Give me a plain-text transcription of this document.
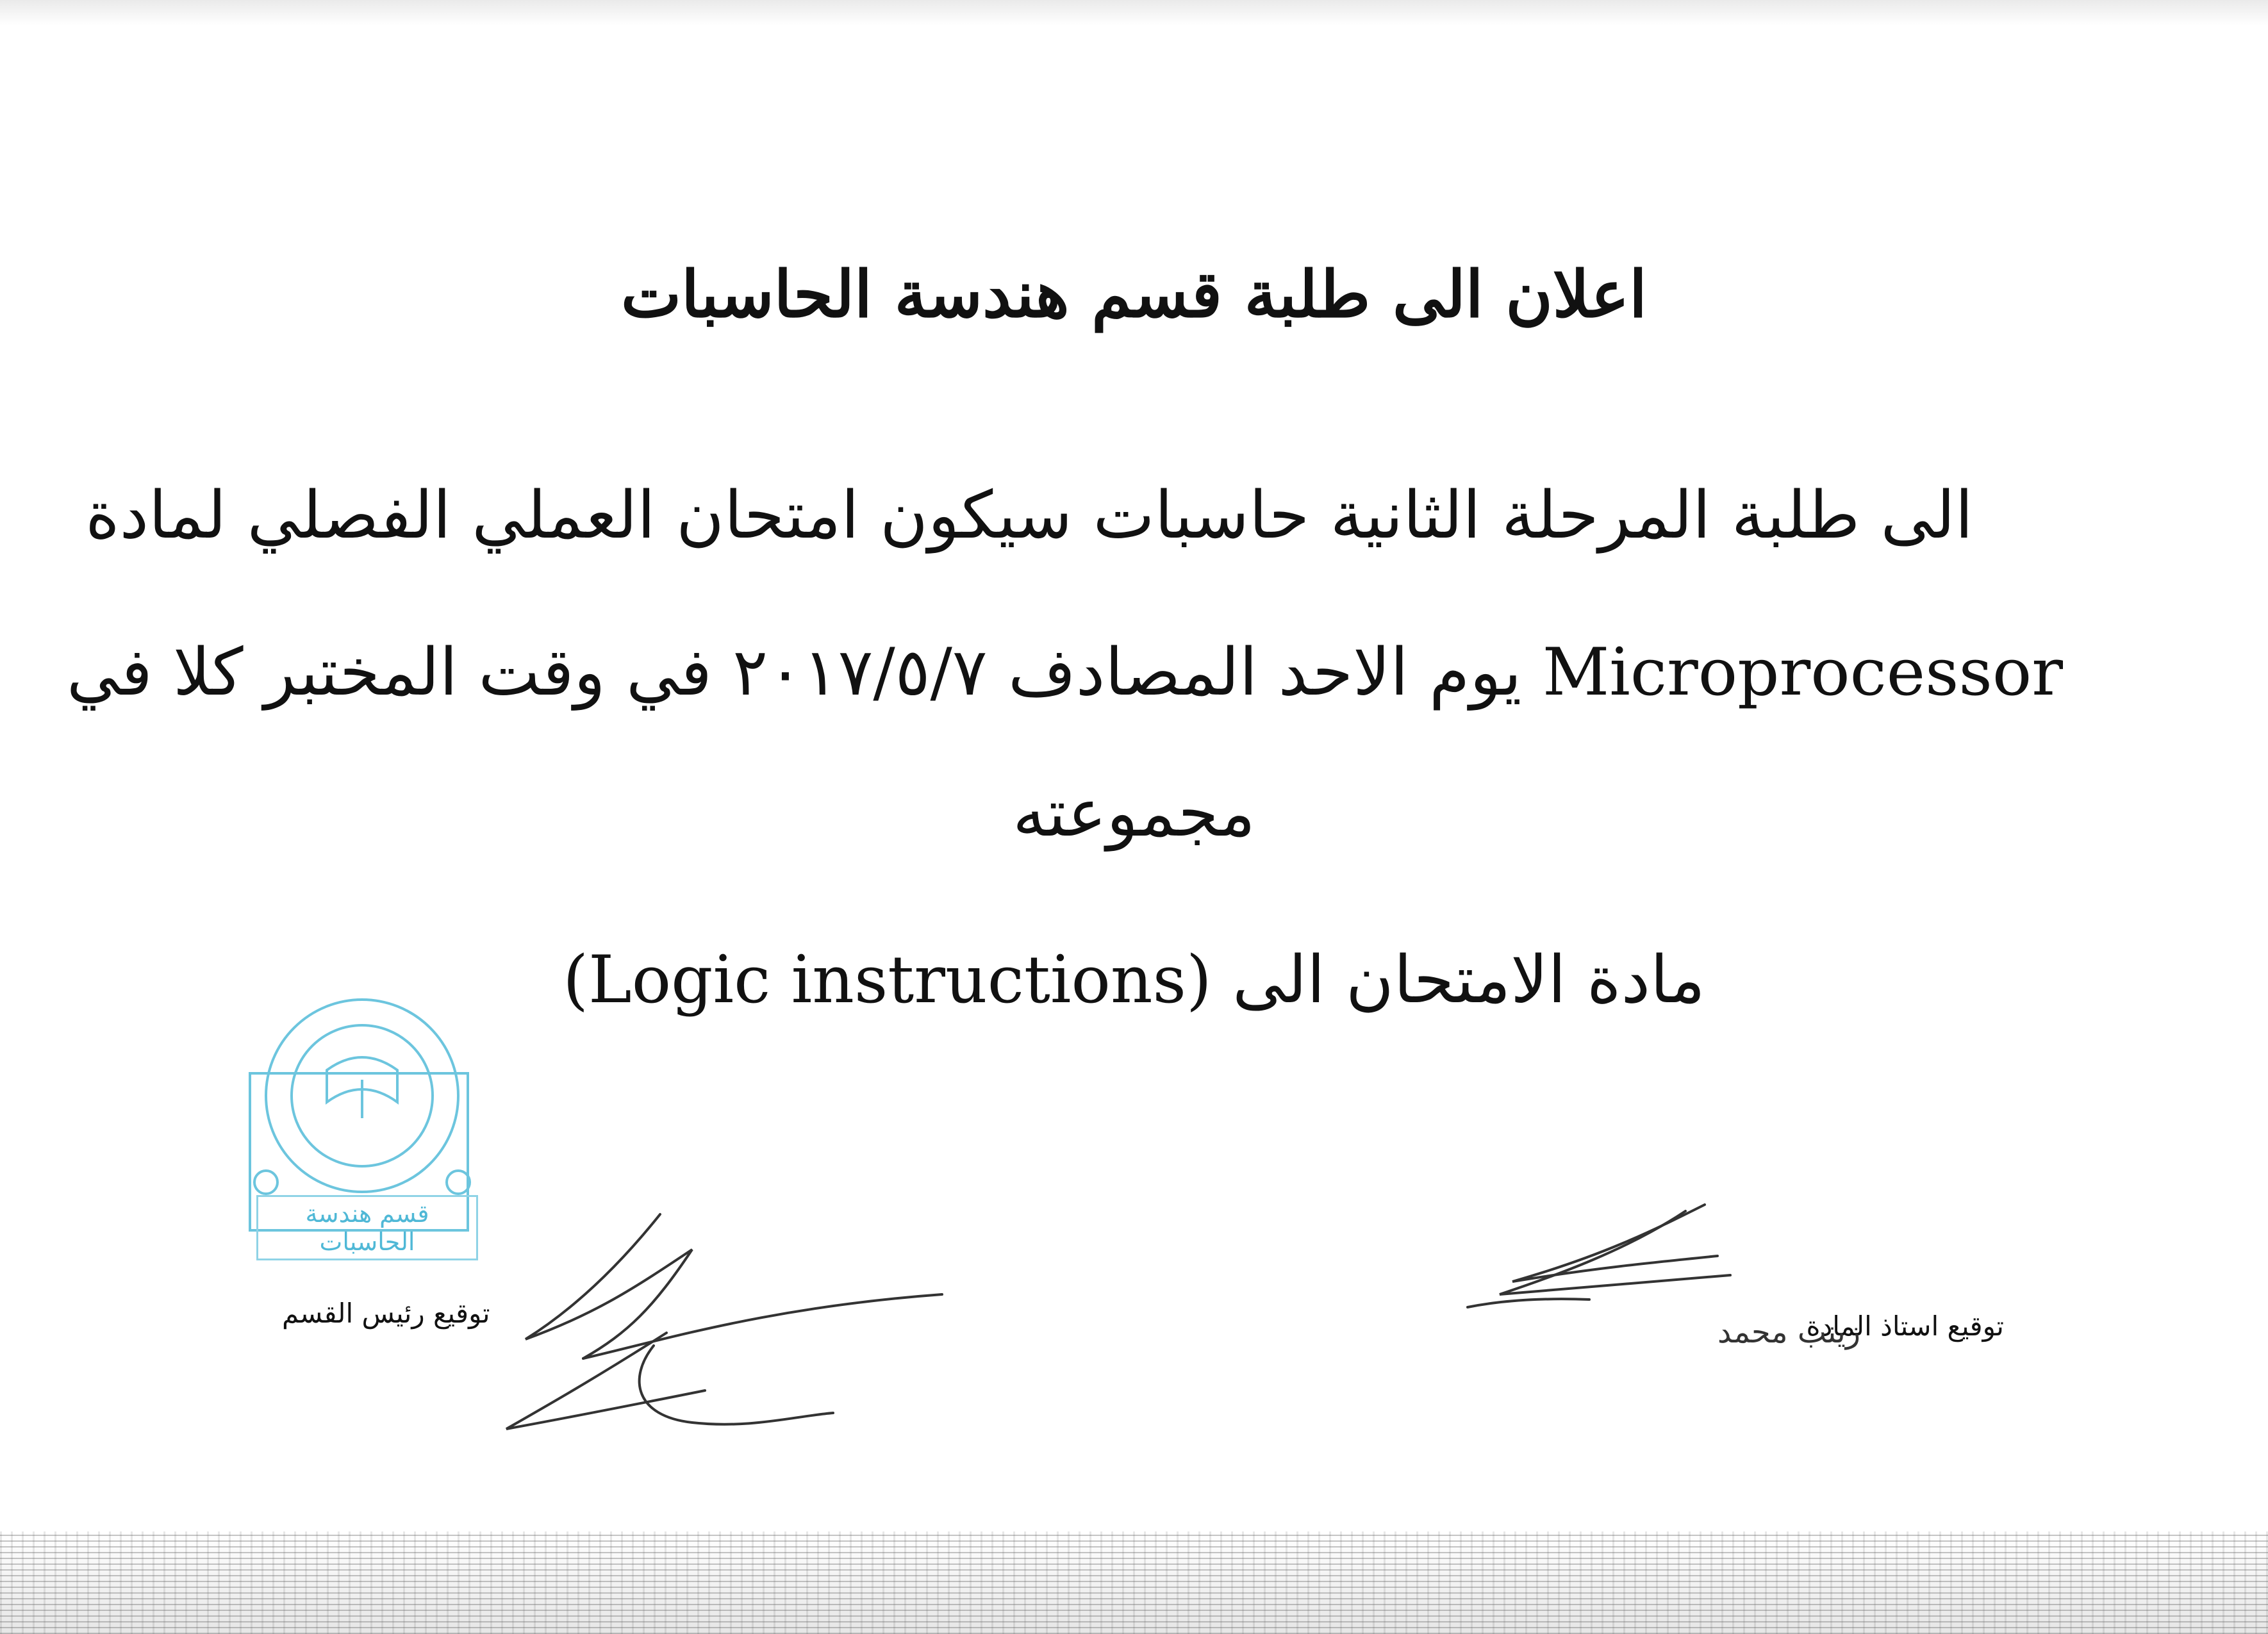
اعلان الى طلبة قسم هندسة الحاسبات
الى طلبة المرحلة الثانية حاسبات سيكون امتحان العملي الفصلي لمادة
Microprocessor يوم الاحد المصادف ٢٠١٧/٥/٧ في وقت المختبر كلا في
مجموعته
مادة الامتحان الى (Logic instructions)
قسم هندسة الحاسبات
توقيع رئيس القسم	توقيع استاذ المادة
زينب محمد
